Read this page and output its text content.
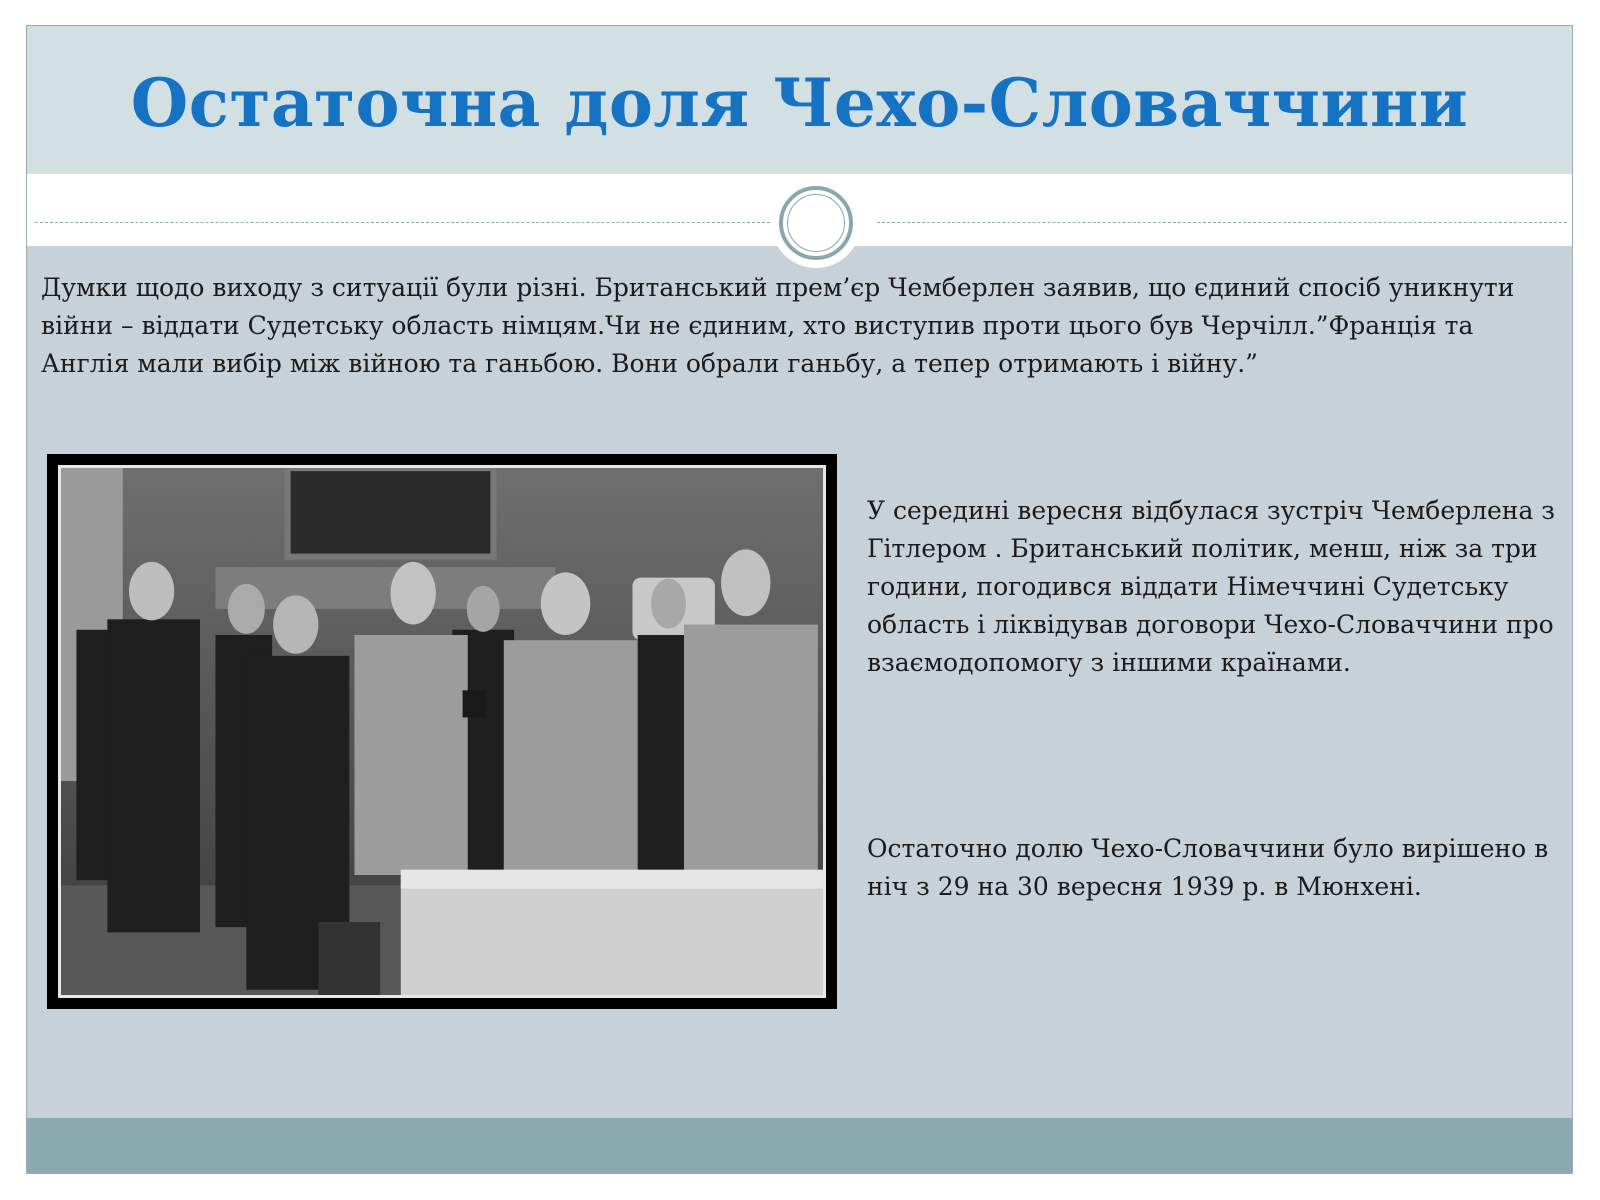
Остаточна доля Чехо-Словаччини

Думки щодо виходу з ситуації були різні. Британський прем’єр Чемберлен заявив, що єдиний спосіб уникнути війни – віддати Судетську область німцям.Чи не єдиним, хто виступив проти цього був Черчілл.”Франція та Англія мали вибір між війною та ганьбою. Вони обрали ганьбу, а тепер отримають і війну.”

У середині вересня відбулася зустріч Чемберлена з Гітлером . Британський політик, менш, ніж за три години, погодився віддати Німеччині Судетську область і ліквідував договори Чехо-Словаччини про взаємодопомогу з іншими країнами.

Остаточно долю Чехо-Словаччини було вирішено в ніч з 29 на 30 вересня 1939 р. в Мюнхені.
